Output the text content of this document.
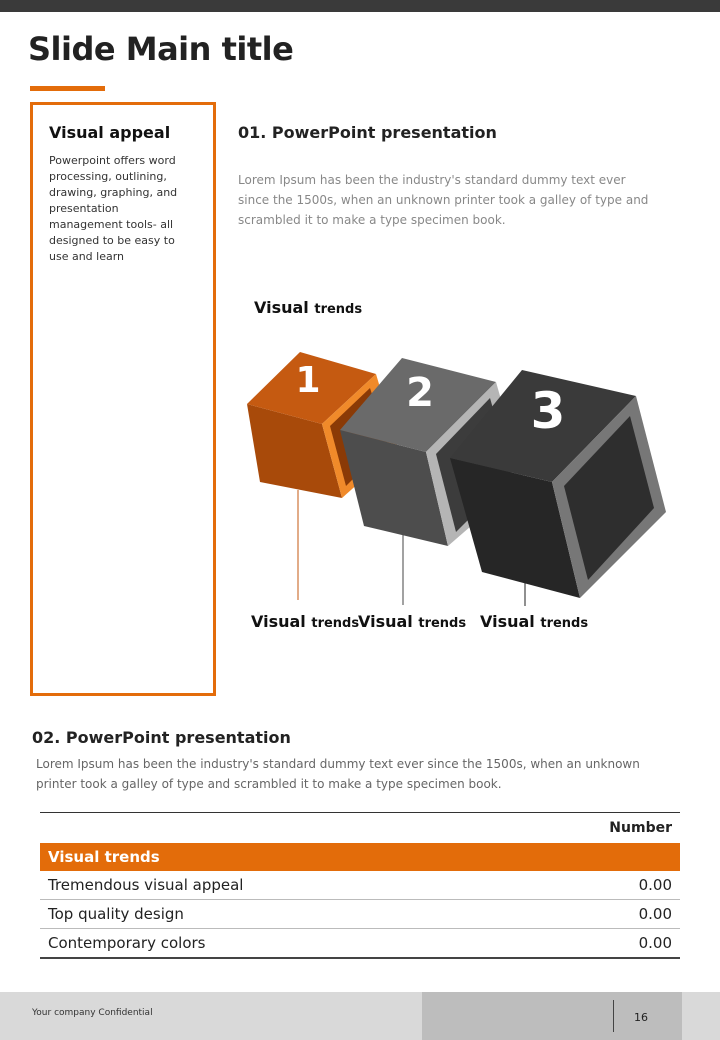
Slide Main title
Visual appeal
Powerpoint offers word processing, outlining, drawing, graphing, and presentation management tools- all designed to be easy to use and learn
01. PowerPoint presentation
Lorem Ipsum has been the industry's standard dummy text ever since the 1500s, when an unknown printer took a galley of type and scrambled it to make a type specimen book.
Visual trends
1 2 3
Visual trends
Visual trends Visual trends
02. PowerPoint presentation
Lorem Ipsum has been the industry's standard dummy text ever since the 1500s, when an unknown printer took a galley of type and scrambled it to make a type specimen book.
Number	
Visual trends	
Tremendous visual appeal	0.00
Top quality design	0.00
Contemporary colors	0.00
Your company Confidential	16
